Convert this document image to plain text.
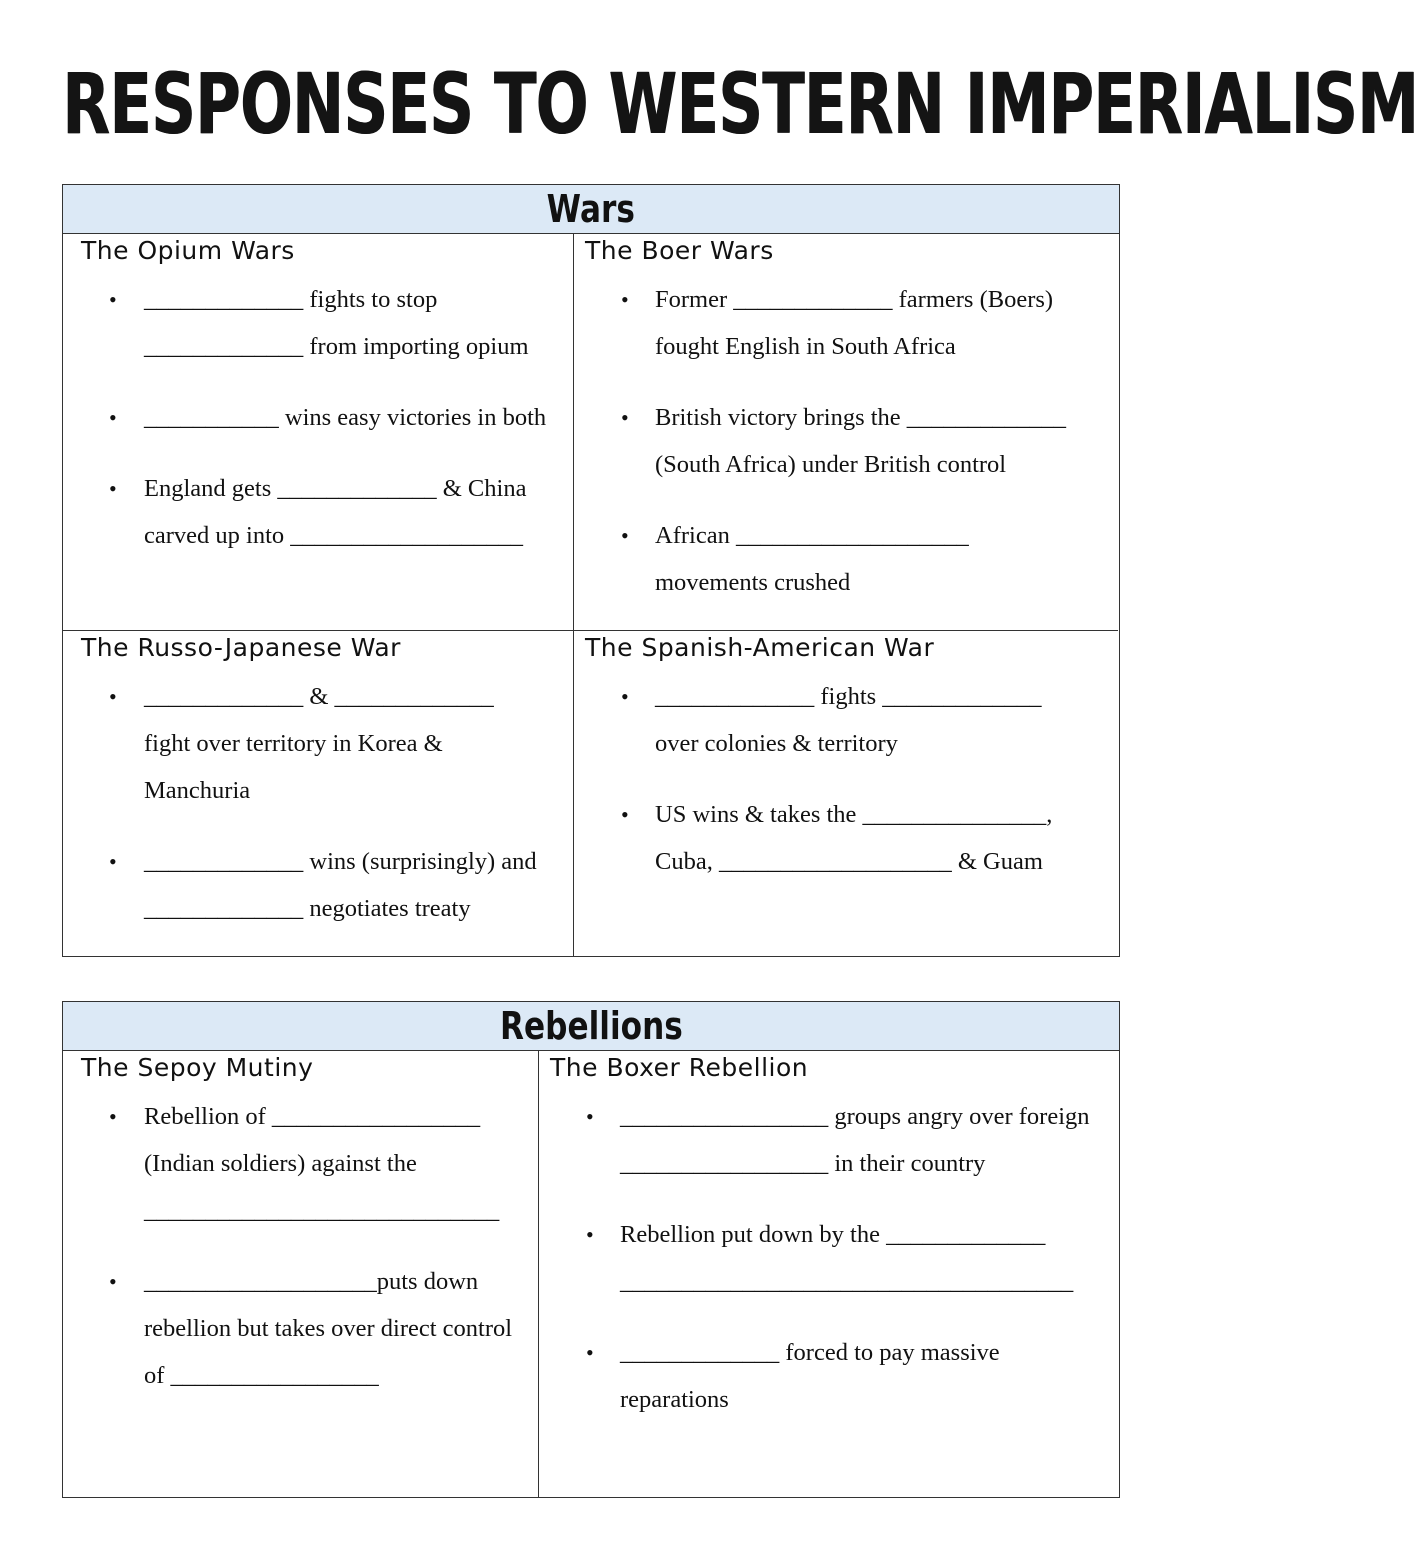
RESPONSES TO WESTERN IMPERIALISM
Wars
The Opium Wars
• _____________ fights to stop _____________ from importing opium
• ___________ wins easy victories in both
• England gets _____________ & China carved up into ___________________
The Boer Wars
• Former _____________ farmers (Boers) fought English in South Africa
• British victory brings the _____________ (South Africa) under British control
• African ___________________ movements crushed
The Russo-Japanese War
• _____________ & _____________ fight over territory in Korea & Manchuria
• _____________ wins (surprisingly) and _____________ negotiates treaty
The Spanish-American War
• _____________ fights _____________ over colonies & territory
• US wins & takes the _______________, Cuba, ___________________ & Guam
Rebellions
The Sepoy Mutiny
• Rebellion of _________________ (Indian soldiers) against the _____________________________
• ___________________puts down rebellion but takes over direct control of _________________
The Boxer Rebellion
• _________________ groups angry over foreign _________________ in their country
• Rebellion put down by the _____________ _____________________________________
• _____________ forced to pay massive reparations
